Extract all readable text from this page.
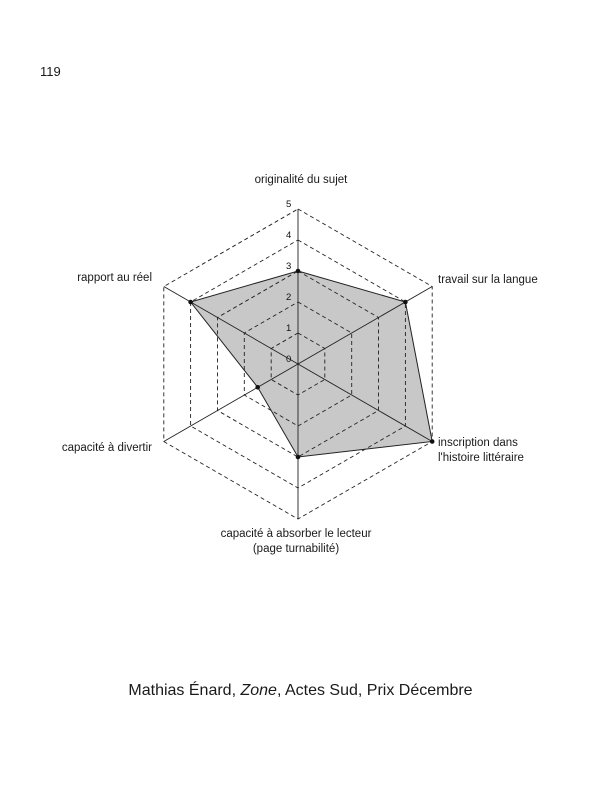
119
0
1
2
3
4
5
originalité du sujet
travail sur la langue
inscription dans
l'histoire littéraire
capacité à absorber le lecteur
(page turnabilité)
capacité à divertir
rapport au réel
Mathias Énard, Zone, Actes Sud, Prix Décembre
